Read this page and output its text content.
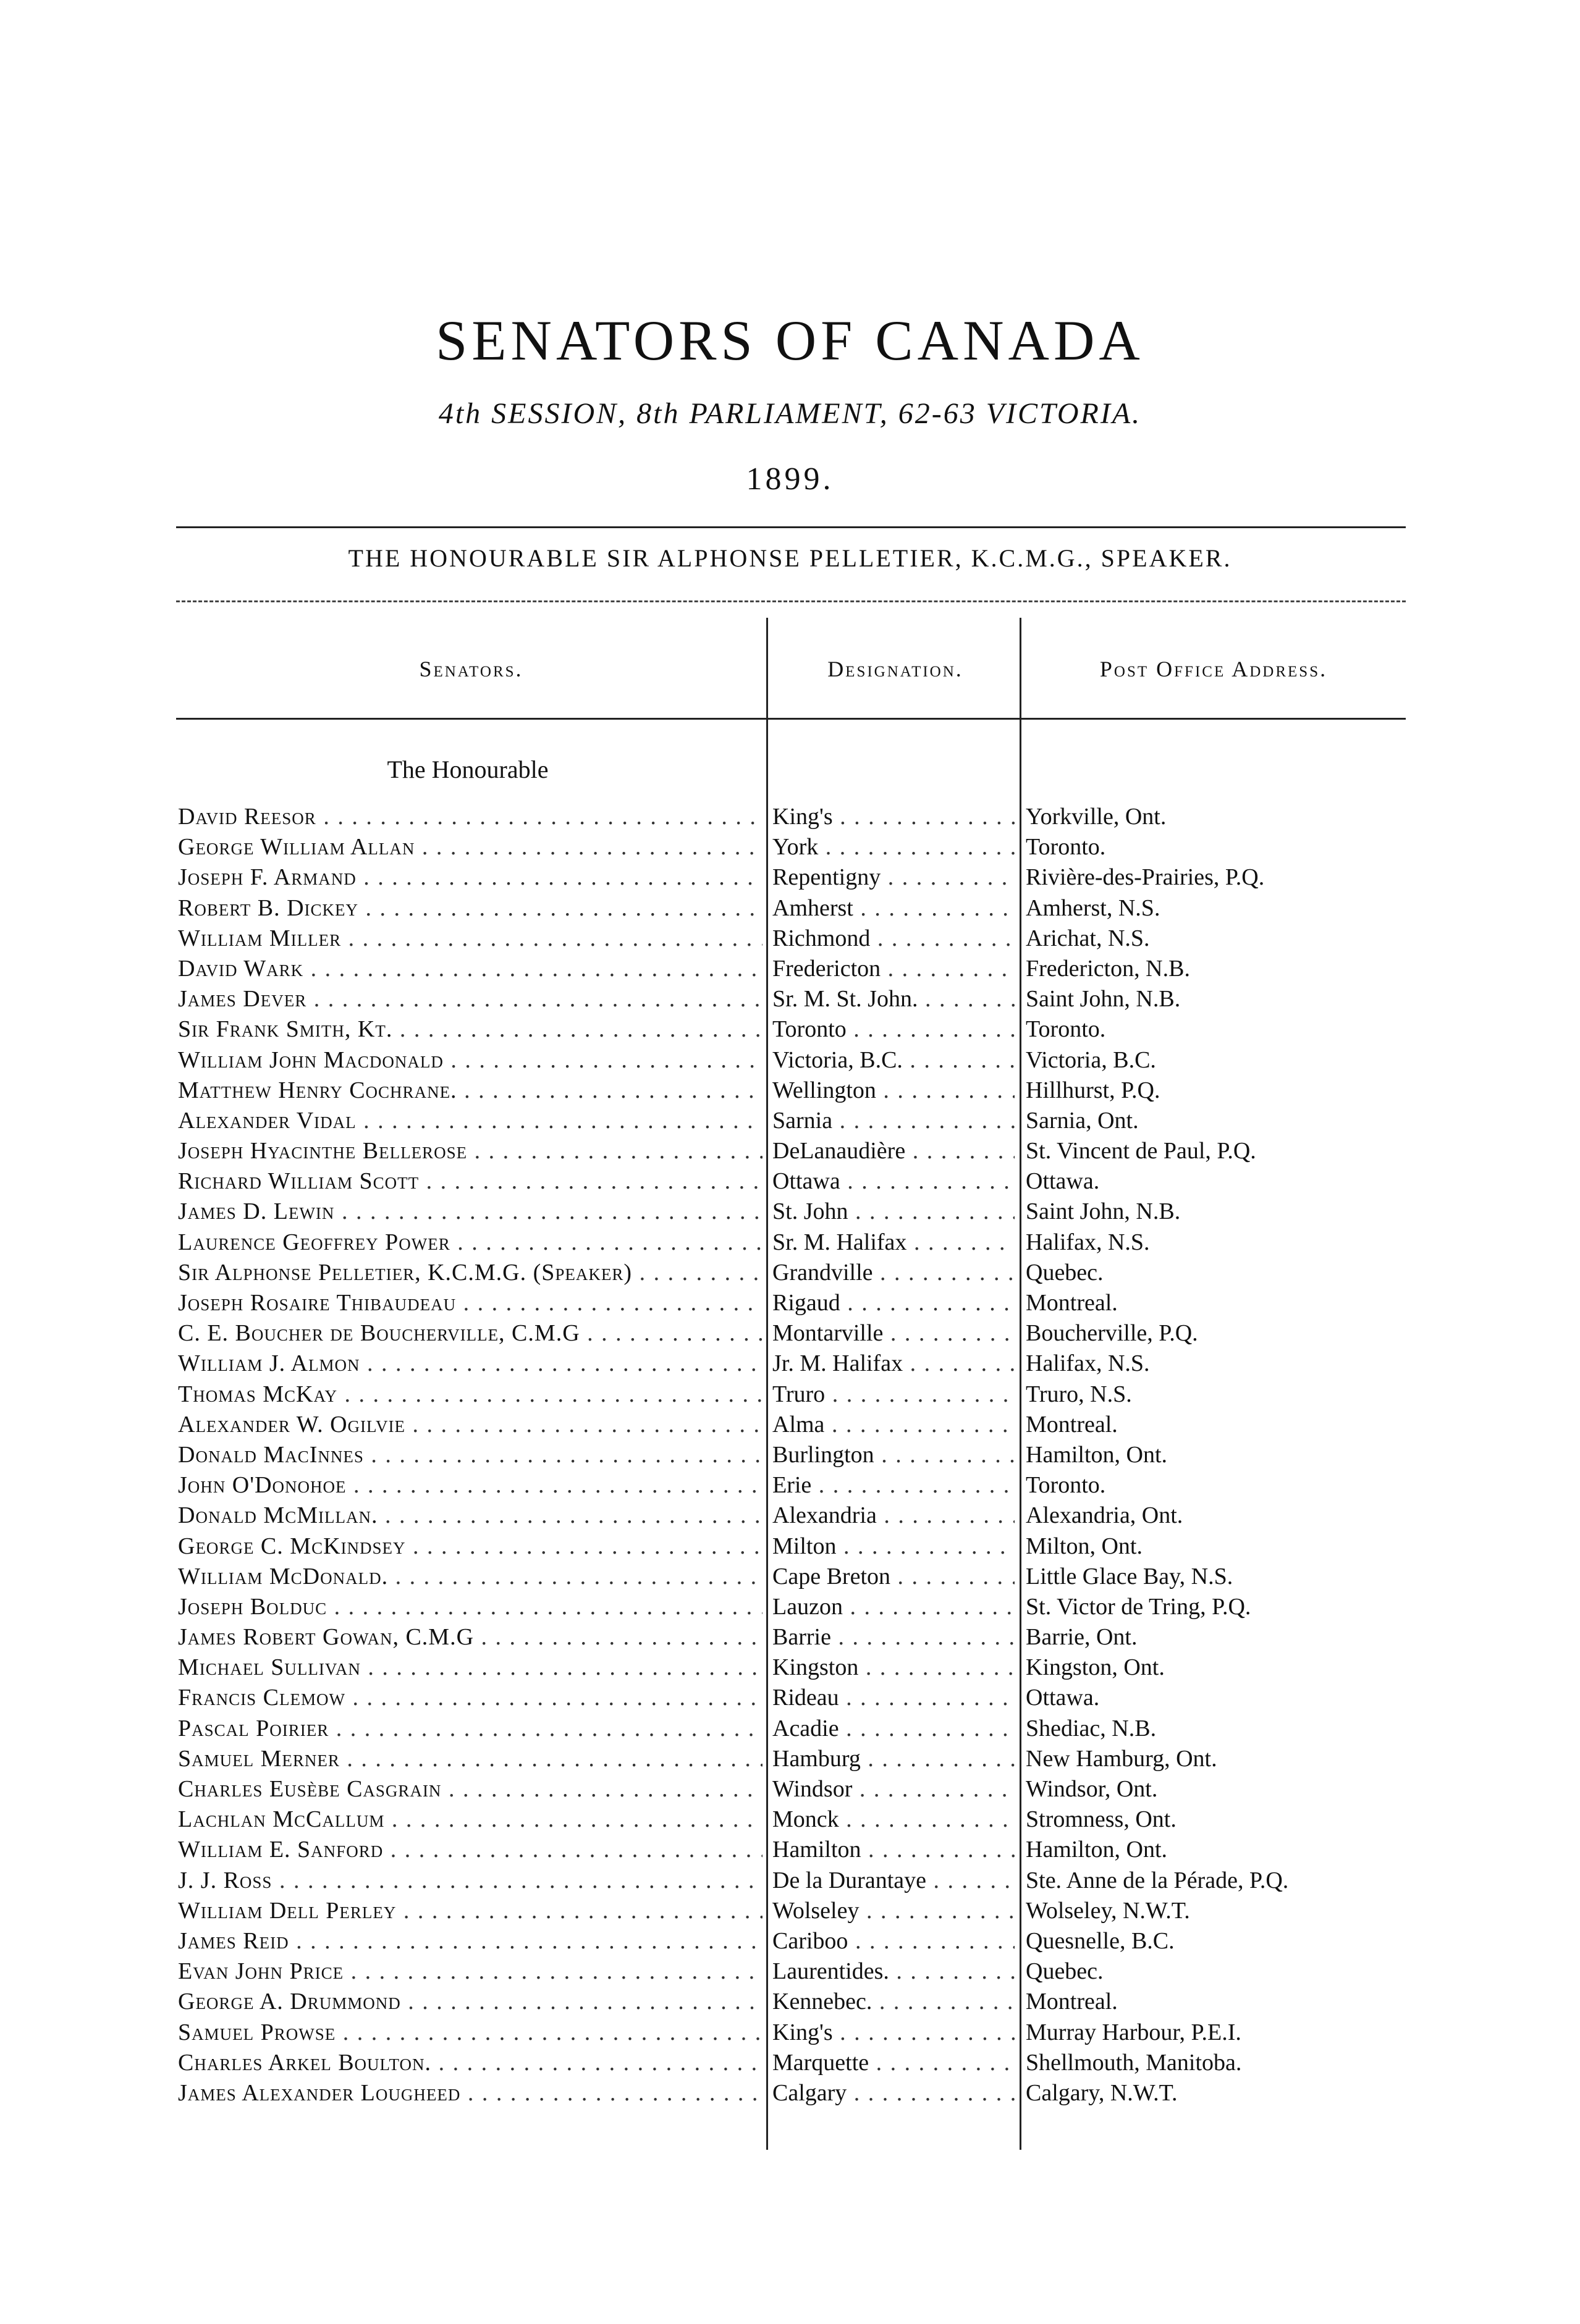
SENATORS OF CANADA
4th SESSION, 8th PARLIAMENT, 62-63 VICTORIA.
1899.
THE HONOURABLE SIR ALPHONSE PELLETIER, K.C.M.G., SPEAKER.
Senators.	Designation.	Post Office Address.
The Honourable
David Reesor . . .	King's . . .	Yorkville, Ont.
George William Allan . . .	York . . .	Toronto.
Joseph F. Armand . . .	Repentigny . . .	Rivière-des-Prairies, P.Q.
Robert B. Dickey . . .	Amherst . . .	Amherst, N.S.
William Miller . . .	Richmond . . .	Arichat, N.S.
David Wark . . .	Fredericton . . .	Fredericton, N.B.
James Dever . . .	Sr. M. St. John. . . .	Saint John, N.B.
Sir Frank Smith, Kt. . . .	Toronto . . .	Toronto.
William John Macdonald . . .	Victoria, B.C. . . .	Victoria, B.C.
Matthew Henry Cochrane. . . .	Wellington . . .	Hillhurst, P.Q.
Alexander Vidal . . .	Sarnia . . .	Sarnia, Ont.
Joseph Hyacinthe Bellerose . . .	DeLanaudière . . .	St. Vincent de Paul, P.Q.
Richard William Scott . . .	Ottawa . . .	Ottawa.
James D. Lewin . . .	St. John . . .	Saint John, N.B.
Laurence Geoffrey Power . . .	Sr. M. Halifax . . .	Halifax, N.S.
Sir Alphonse Pelletier, K.C.M.G. (Speaker) . . .	Grandville . . .	Quebec.
Joseph Rosaire Thibaudeau . . .	Rigaud . . .	Montreal.
C. E. Boucher de Boucherville, C.M.G . . .	Montarville . . .	Boucherville, P.Q.
William J. Almon . . .	Jr. M. Halifax . . .	Halifax, N.S.
Thomas McKay . . .	Truro . . .	Truro, N.S.
Alexander W. Ogilvie . . .	Alma . . .	Montreal.
Donald MacInnes . . .	Burlington . . .	Hamilton, Ont.
John O'Donohoe . . .	Erie . . .	Toronto.
Donald McMillan. . . .	Alexandria . . .	Alexandria, Ont.
George C. McKindsey . . .	Milton . . .	Milton, Ont.
William McDonald. . . .	Cape Breton . . .	Little Glace Bay, N.S.
Joseph Bolduc . . .	Lauzon . . .	St. Victor de Tring, P.Q.
James Robert Gowan, C.M.G . . .	Barrie . . .	Barrie, Ont.
Michael Sullivan . . .	Kingston . . .	Kingston, Ont.
Francis Clemow . . .	Rideau . . .	Ottawa.
Pascal Poirier . . .	Acadie . . .	Shediac, N.B.
Samuel Merner . . .	Hamburg . . .	New Hamburg, Ont.
Charles Eusèbe Casgrain . . .	Windsor . . .	Windsor, Ont.
Lachlan McCallum . . .	Monck . . .	Stromness, Ont.
William E. Sanford . . .	Hamilton . . .	Hamilton, Ont.
J. J. Ross . . .	De la Durantaye . . .	Ste. Anne de la Pérade, P.Q.
William Dell Perley . . .	Wolseley . . .	Wolseley, N.W.T.
James Reid . . .	Cariboo . . .	Quesnelle, B.C.
Evan John Price . . .	Laurentides. . . .	Quebec.
George A. Drummond . . .	Kennebec. . . .	Montreal.
Samuel Prowse . . .	King's . . .	Murray Harbour, P.E.I.
Charles Arkel Boulton. . . .	Marquette . . .	Shellmouth, Manitoba.
James Alexander Lougheed . . .	Calgary . . .	Calgary, N.W.T.
